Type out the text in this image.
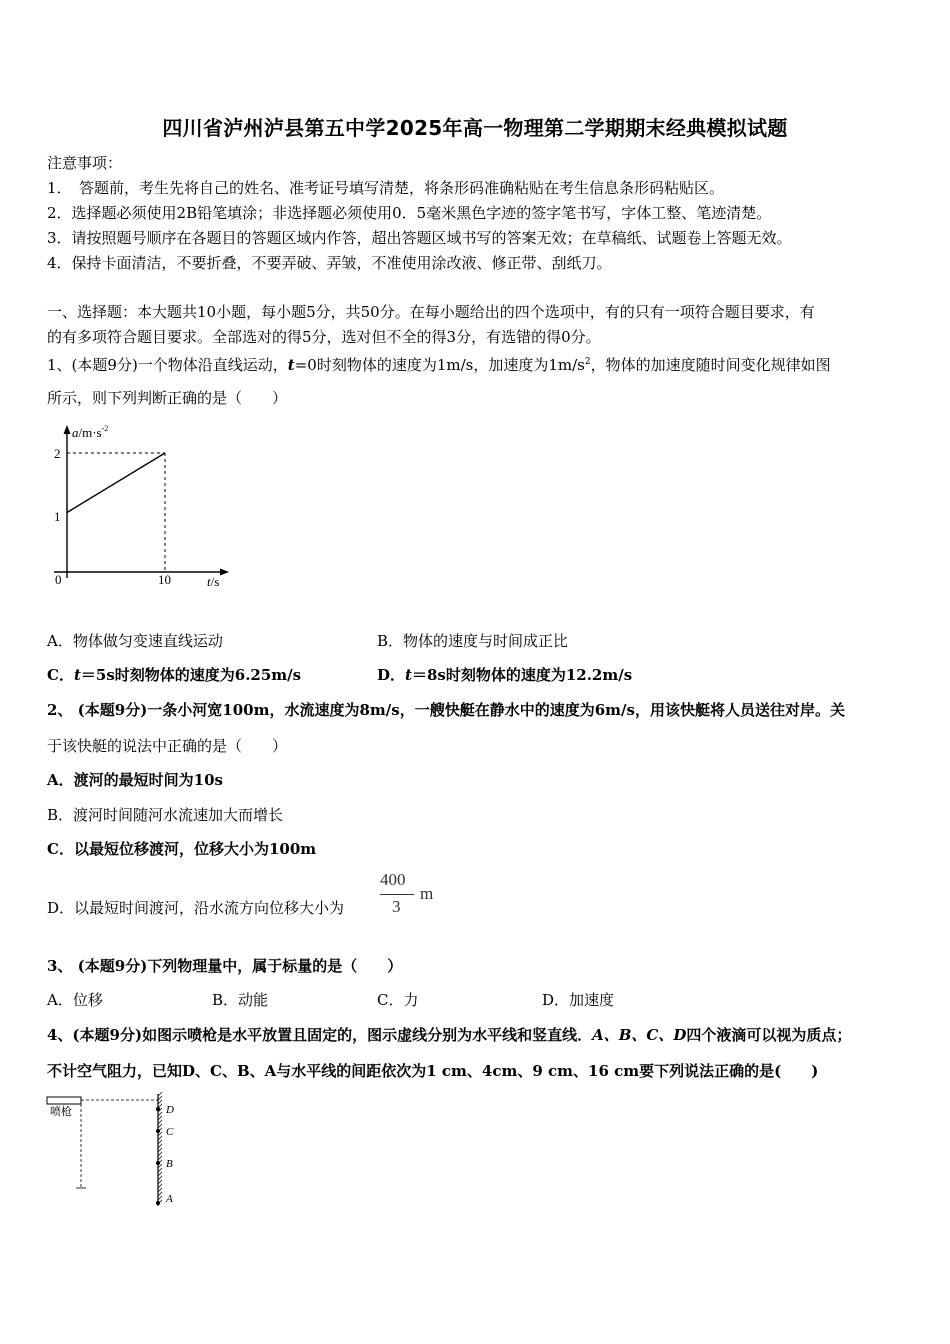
四川省泸州泸县第五中学2025年高一物理第二学期期末经典模拟试题
注意事项：
1．　答题前，考生先将自己的姓名、准考证号填写清楚，将条形码准确粘贴在考生信息条形码粘贴区。
2．选择题必须使用2B铅笔填涂；非选择题必须使用0．5毫米黑色字迹的签字笔书写，字体工整、笔迹清楚。
3．请按照题号顺序在各题目的答题区域内作答，超出答题区域书写的答案无效；在草稿纸、试题卷上答题无效。
4．保持卡面清洁，不要折叠，不要弄破、弄皱，不准使用涂改液、修正带、刮纸刀。
一、选择题：本大题共10小题，每小题5分，共50分。在每小题给出的四个选项中，有的只有一项符合题目要求，有
的有多项符合题目要求。全部选对的得5分，选对但不全的得3分，有选错的得0分。
1、(本题9分)一个物体沿直线运动，t=0时刻物体的速度为1m/s，加速度为$1m/s^2$，物体的加速度随时间变化规律如图
所示，则下列判断正确的是（　　）
$a/m\cdot s^{-2}$
2
1
0	10	t/s
A．物体做匀变速直线运动	B．物体的速度与时间成正比
C．t＝5s时刻物体的速度为6.25m/s	D．t＝8s时刻物体的速度为12.2m/s
2、 (本题9分)一条小河宽100m，水流速度为8m/s，一艘快艇在静水中的速度为6m/s，用该快艇将人员送往对岸。关
于该快艇的说法中正确的是（　　）
A．渡河的最短时间为10s
B．渡河时间随河水流速加大而增长
C．以最短位移渡河，位移大小为100m
D．以最短时间渡河，沿水流方向位移大小为
400
3
m
3、 (本题9分)下列物理量中，属于标量的是（　　）
A．位移	B．动能	C．力	D．加速度
4、(本题9分)如图示喷枪是水平放置且固定的，图示虚线分别为水平线和竖直线．A、B、C、D四个液滴可以视为质点；
不计空气阻力，已知D、C、B、A与水平线的间距依次为1 cm、4cm、9 cm、16 cm要下列说法正确的是(　　)
喷枪	D
C
B
A
